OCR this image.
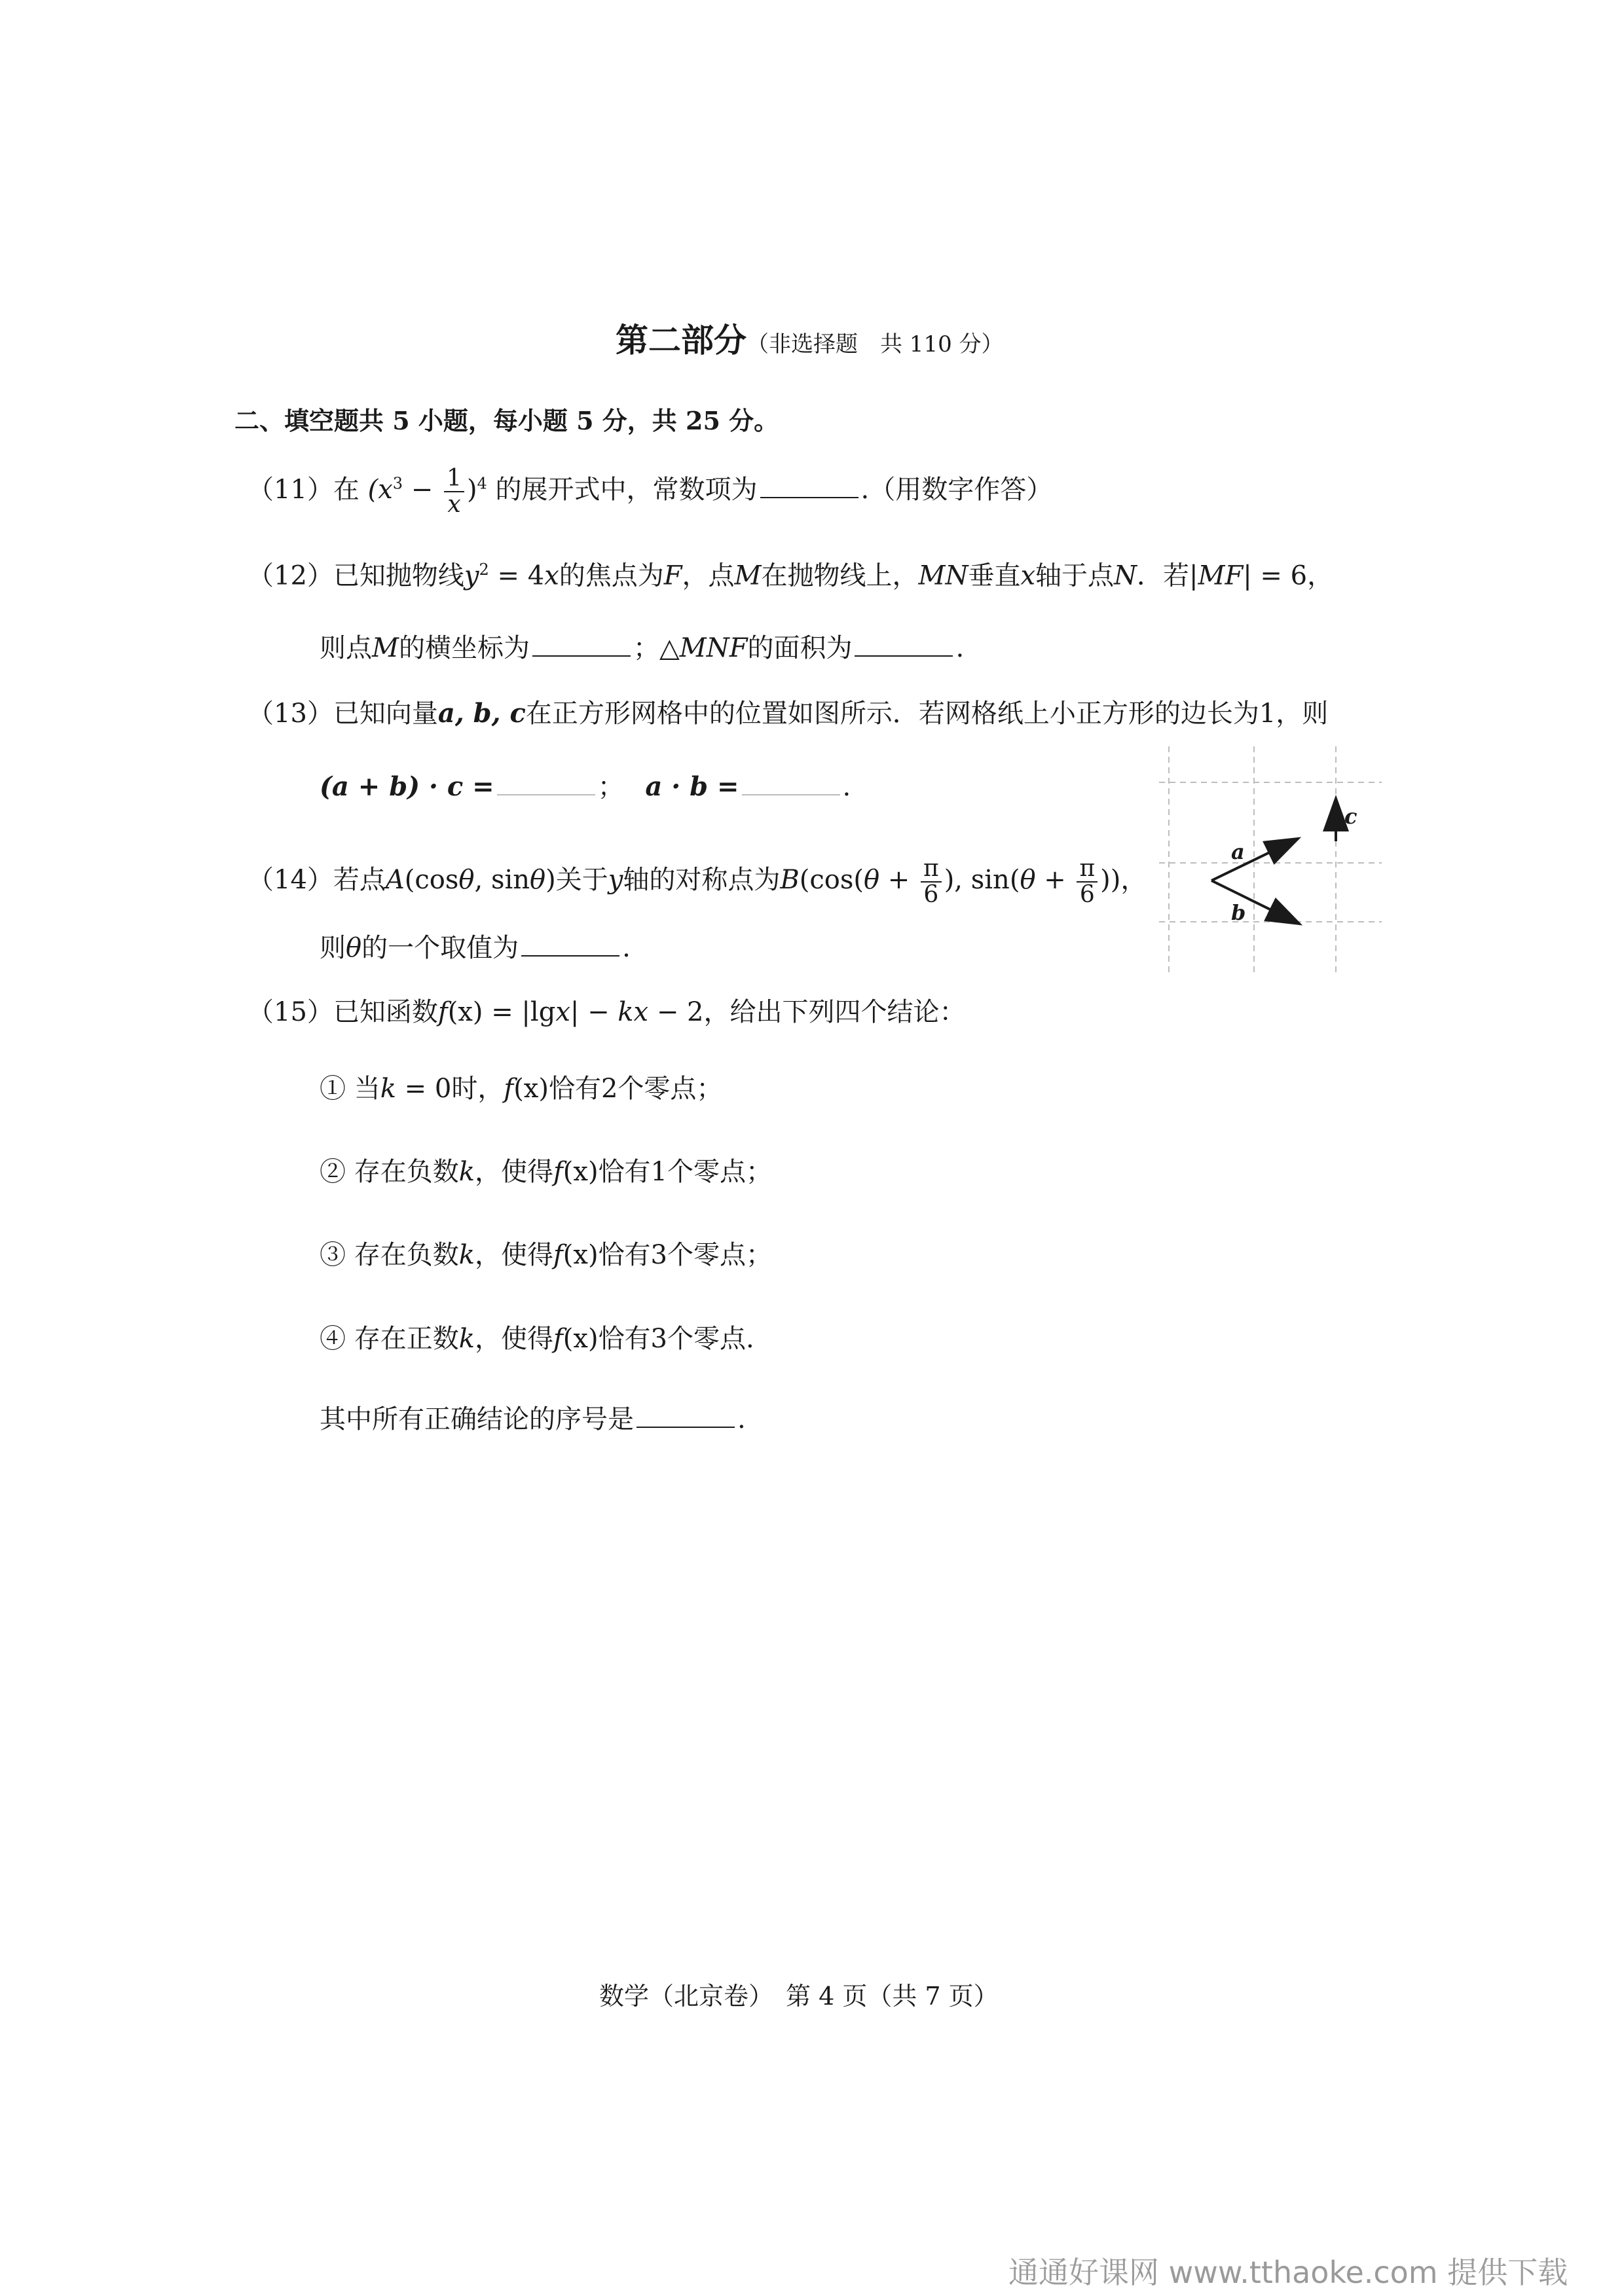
第二部分（非选择题　共 110 分）
二、填空题共 5 小题，每小题 5 分，共 25 分。
（11）在 $(x^3 - \frac{1}{x} )^4$ 的展开式中，常数项为	.（用数字作答）
（12）已知抛物线$y^2 = 4x$的焦点为F，点M在抛物线上，MN垂直x轴于点N．若|MF| = 6，
则点M的横坐标为	；△MNF的面积为	.
（13）已知向量a, b, c在正方形网格中的位置如图所示．若网格纸上小正方形的边长为1，则
(a + b) · c =	； a · b =	.
a
b
c
（14）若点A(cosθ, sinθ)关于y轴的对称点为$B(\cos(\theta + \frac{\pi}{6}$ ), $\sin(\theta + \frac{\pi}{6}$ ))，
则θ的一个取值为	.
（15）已知函数f(x) = |lgx| − kx − 2，给出下列四个结论：
① 当k = 0时，f(x)恰有2个零点；
② 存在负数k，使得f(x)恰有1个零点；
③ 存在负数k，使得f(x)恰有3个零点；
④ 存在正数k，使得f(x)恰有3个零点.
其中所有正确结论的序号是	.
数学（北京卷）　第 4 页（共 7 页）
通通好课网 www.tthaoke.com 提供下载
